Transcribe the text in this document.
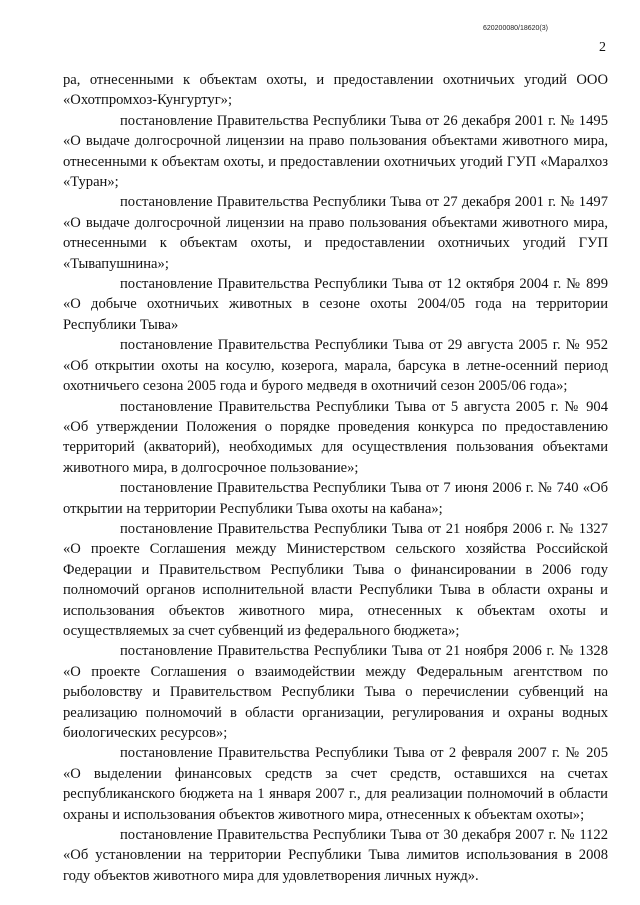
620200080/18620(3)
2

ра, отнесенными к объектам охоты, и предоставлении охотничьих угодий ООО «Охотпромхоз-Кунгуртуг»;

постановление Правительства Республики Тыва от 26 декабря 2001 г. № 1495 «О выдаче долгосрочной лицензии на право пользования объектами животного мира, отнесенными к объектам охоты, и предоставлении охотничьих угодий ГУП «Маралхоз «Туран»;

постановление Правительства Республики Тыва от 27 декабря 2001 г. № 1497 «О выдаче долгосрочной лицензии на право пользования объектами животного мира, отнесенными к объектам охоты, и предоставлении охотничьих угодий ГУП «Тывапушнина»;

постановление Правительства Республики Тыва от 12 октября 2004 г. № 899 «О добыче охотничьих животных в сезоне охоты 2004/05 года на территории Республики Тыва»

постановление Правительства Республики Тыва от 29 августа 2005 г. № 952 «Об открытии охоты на косулю, козерога, марала, барсука в летне-осенний период охотничьего сезона 2005 года и бурого медведя в охотничий сезон 2005/06 года»;

постановление Правительства Республики Тыва от 5 августа 2005 г. № 904 «Об утверждении Положения о порядке проведения конкурса по предоставлению территорий (акваторий), необходимых для осуществления пользования объектами животного мира, в долгосрочное пользование»;

постановление Правительства Республики Тыва от 7 июня 2006 г. № 740 «Об открытии на территории Республики Тыва охоты на кабана»;

постановление Правительства Республики Тыва от 21 ноября 2006 г. № 1327 «О проекте Соглашения между Министерством сельского хозяйства Российской Федерации и Правительством Республики Тыва о финансировании в 2006 году полномочий органов исполнительной власти Республики Тыва в области охраны и использования объектов животного мира, отнесенных к объектам охоты и осуществляемых за счет субвенций из федерального бюджета»;

постановление Правительства Республики Тыва от 21 ноября 2006 г. № 1328 «О проекте Соглашения о взаимодействии между Федеральным агентством по рыболовству и Правительством Республики Тыва о перечислении субвенций на реализацию полномочий в области организации, регулирования и охраны водных биологических ресурсов»;

постановление Правительства Республики Тыва от 2 февраля 2007 г. № 205 «О выделении финансовых средств за счет средств, оставшихся на счетах республиканского бюджета на 1 января 2007 г., для реализации полномочий в области охраны и использования объектов животного мира, отнесенных к объектам охоты»;

постановление Правительства Республики Тыва от 30 декабря 2007 г. № 1122 «Об установлении на территории Республики Тыва лимитов использования в 2008 году объектов животного мира для удовлетворения личных нужд».
